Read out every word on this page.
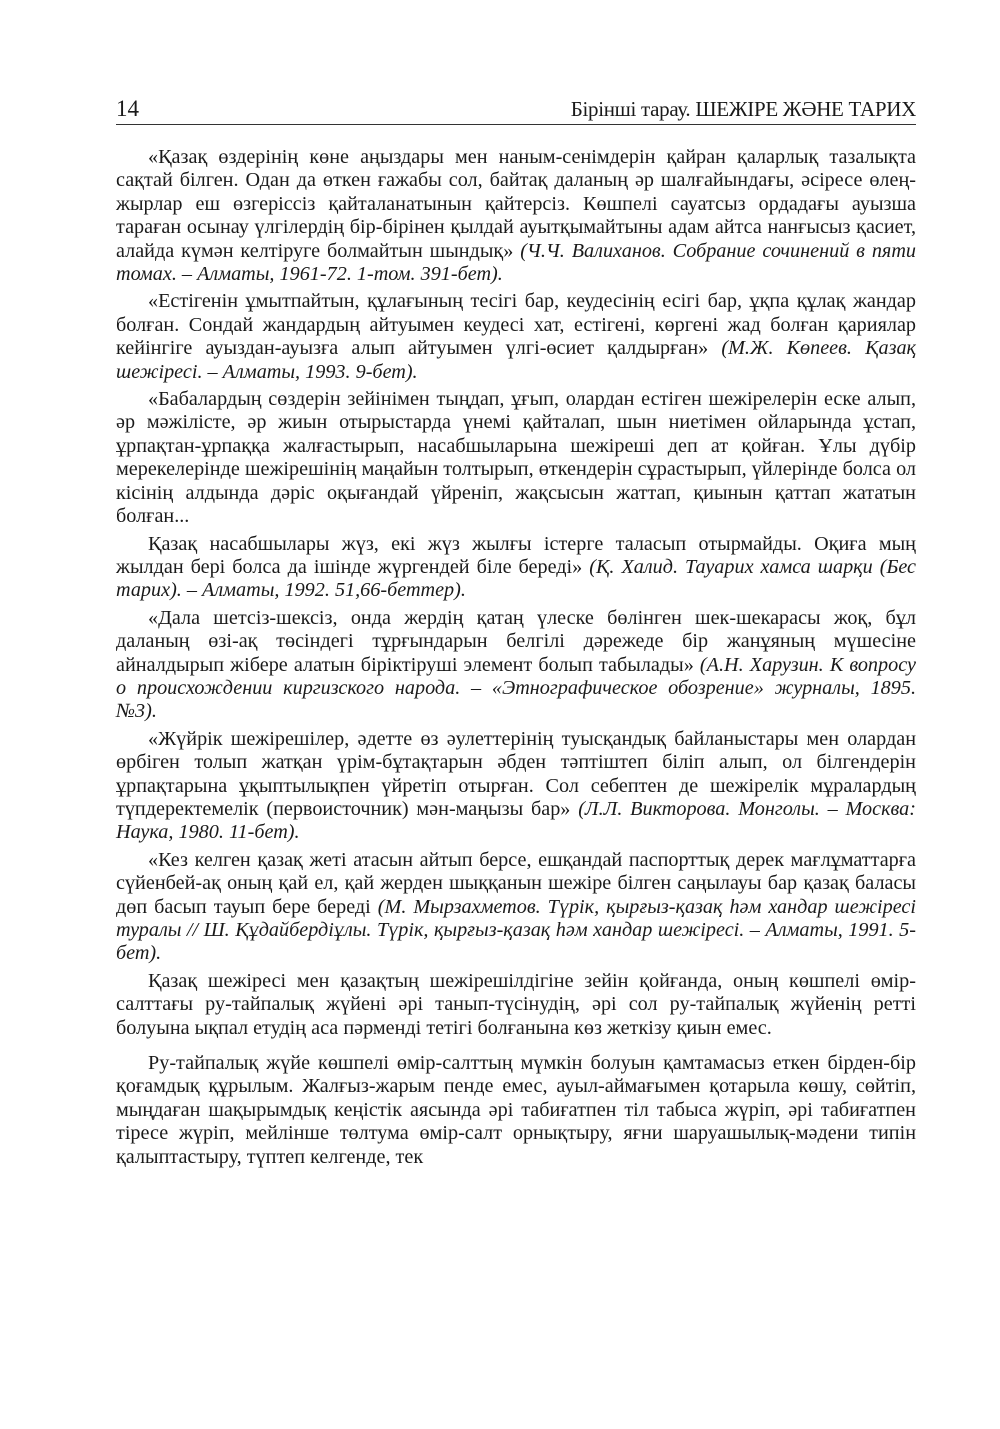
14	Бірінші тарау. ШЕЖІРЕ ЖӘНЕ ТАРИХ

«Қазақ өздерінің көне аңыздары мен наным-сенімдерін қайран қаларлық тазалықта сақтай білген. Одан да өткен ғажабы сол, байтақ даланың әр шалғайындағы, әсіресе өлең-жырлар еш өзгеріссіз қайталанатынын қайтерсіз. Көшпелі сауатсыз ордадағы ауызша тараған осынау үлгілердің бір-бірінен қылдай ауытқымайтыны адам айтса нанғысыз қасиет, алайда күмән келтіруге болмайтын шындық» (Ч.Ч. Валиханов. Собрание сочинений в пяти томах. – Алматы, 1961-72. 1-том. 391-бет).

«Естігенін ұмытпайтын, құлағының тесігі бар, кеудесінің есігі бар, ұқпа құлақ жандар болған. Сондай жандардың айтуымен кеудесі хат, естігені, көргені жад болған қариялар кейінгіге ауыздан-ауызға алып айтуымен үлгі-өсиет қалдырған» (М.Ж. Көпеев. Қазақ шежіресі. – Алматы, 1993. 9-бет).

«Бабалардың сөздерін зейінімен тыңдап, ұғып, олардан естіген шежірелерін еске алып, әр мәжілісте, әр жиын отырыстарда үнемі қайталап, шын ниетімен ойларында ұстап, ұрпақтан-ұрпаққа жалғастырып, насабшыларына шежіреші деп ат қойған. Ұлы дүбір мерекелерінде шежірешінің маңайын толтырып, өткендерін сұрастырып, үйлерінде болса ол кісінің алдында дәріс оқығандай үйреніп, жақсысын жаттап, қиынын қаттап жататын болған...

Қазақ насабшылары жүз, екі жүз жылғы істерге таласып отырмайды. Оқиға мың жылдан бері болса да ішінде жүргендей біле береді» (Қ. Халид. Тауарих хамса шарқи (Бес тарих). – Алматы, 1992. 51,66-беттер).

«Дала шетсіз-шексіз, онда жердің қатаң үлеске бөлінген шек-шекарасы жоқ, бұл даланың өзі-ақ төсіндегі тұрғындарын белгілі дәрежеде бір жанұяның мүшесіне айналдырып жібере алатын біріктіруші элемент болып табылады» (А.Н. Харузин. К вопросу о происхождении киргизского народа. – «Этнографическое обозрение» журналы, 1895. №3).

«Жүйрік шежірешілер, әдетте өз әулеттерінің туысқандық байланыстары мен олардан өрбіген толып жатқан үрім-бұтақтарын әбден тәптіштеп біліп алып, ол білгендерін ұрпақтарына ұқыптылықпен үйретіп отырған. Сол себептен де шежірелік мұралардың түпдеректемелік (первоисточник) мән-маңызы бар» (Л.Л. Викторова. Монголы. – Москва: Наука, 1980. 11-бет).

«Кез келген қазақ жеті атасын айтып берсе, ешқандай паспорттық дерек мағлұматтарға сүйенбей-ақ оның қай ел, қай жерден шыққанын шежіре білген саңылауы бар қазақ баласы дөп басып тауып бере береді (М. Мырзахметов. Түрік, қырғыз-қазақ һәм хандар шежіресі туралы // Ш. Құдайбердіұлы. Түрік, қырғыз-қазақ һәм хандар шежіресі. – Алматы, 1991. 5-бет).

Қазақ шежіресі мен қазақтың шежірешілдігіне зейін қойғанда, оның көшпелі өмір-салттағы ру-тайпалық жүйені әрі танып-түсінудің, әрі сол ру-тайпалық жүйенің ретті болуына ықпал етудің аса пәрменді тетігі болғанына көз жеткізу қиын емес.

Ру-тайпалық жүйе көшпелі өмір-салттың мүмкін болуын қамтамасыз еткен бірден-бір қоғамдық құрылым. Жалғыз-жарым пенде емес, ауыл-аймағымен қотарыла көшу, сөйтіп, мыңдаған шақырымдық кеңістік аясында әрі табиғатпен тіл табыса жүріп, әрі табиғатпен тіресе жүріп, мейлінше төлтума өмір-салт орнықтыру, яғни шаруашылық-мәдени типін қалыптастыру, түптеп келгенде, тек
